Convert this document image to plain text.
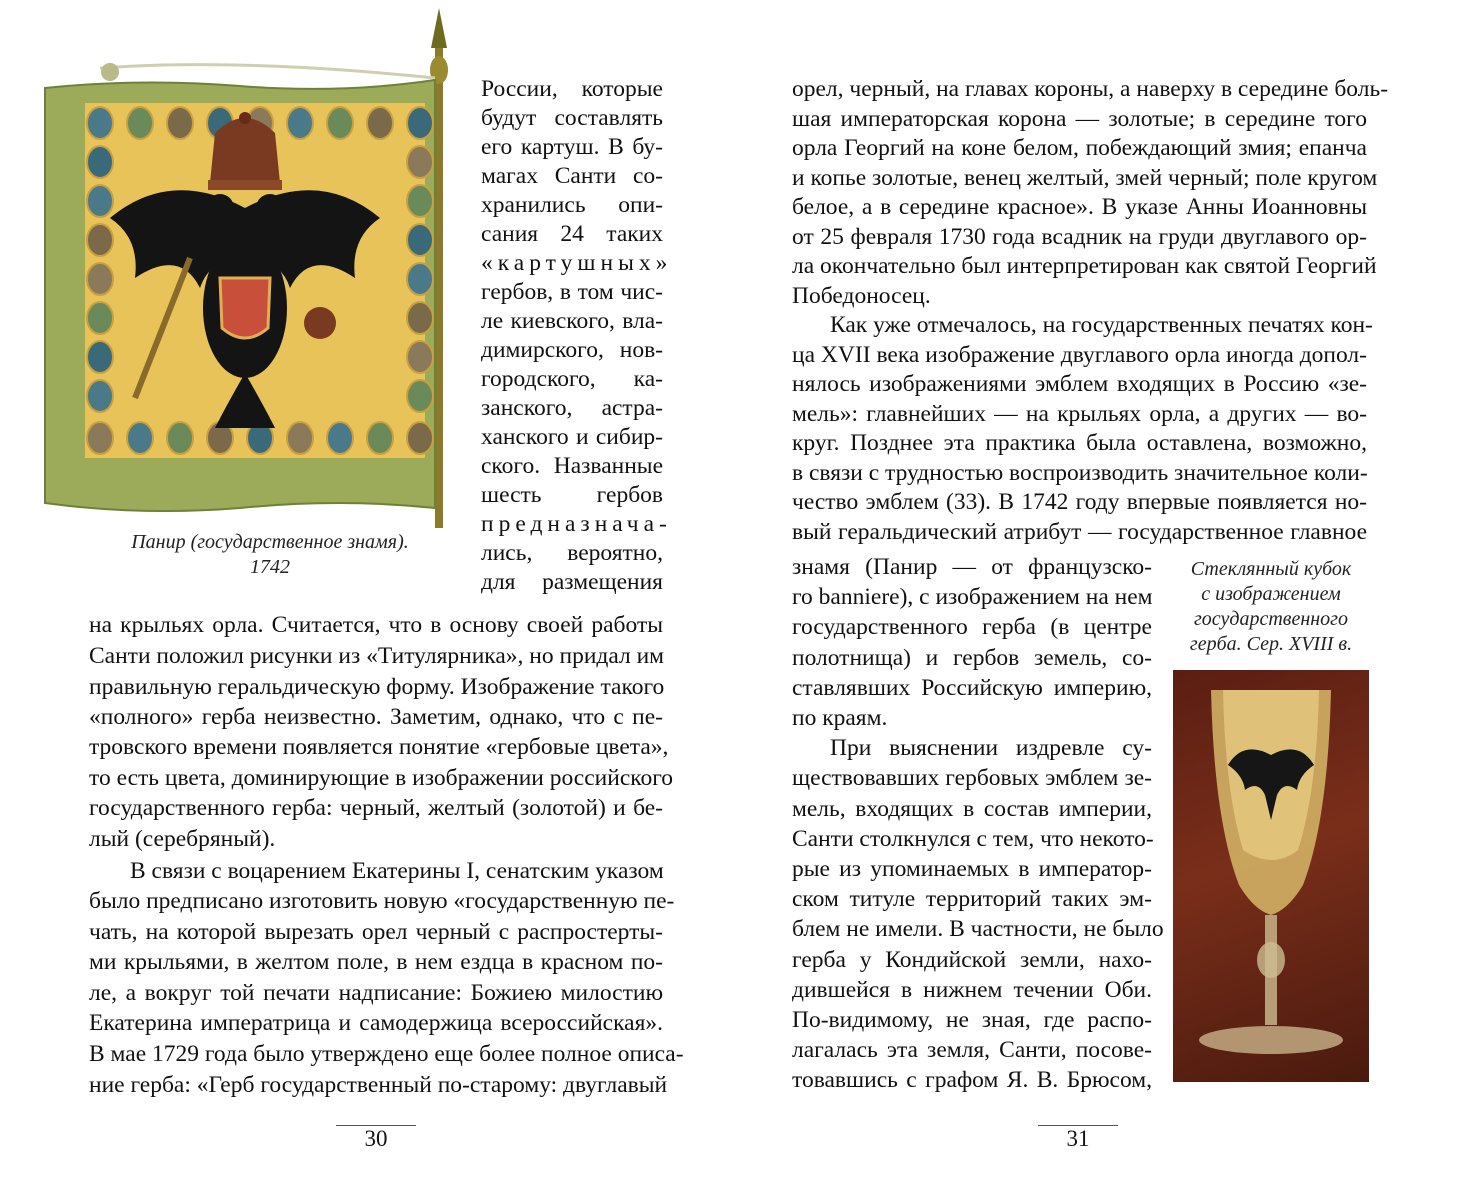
Панир (государственное знамя).
1742
России, которые
будут составлять
его картуш. В бу-
магах Санти со-
хранились опи-
сания 24 таких
«картушных»
гербов, в том чис-
ле киевского, вла-
димирского, нов-
городского, ка-
занского, астра-
ханского и сибир-
ского. Названные
шесть гербов
предназнача-
лись, вероятно,
для размещения
на крыльях орла. Считается, что в основу своей работы
Санти положил рисунки из «Титулярника», но придал им
правильную геральдическую форму. Изображение такого
«полного» герба неизвестно. Заметим, однако, что с пе-
тровского времени появляется понятие «гербовые цвета»,
то есть цвета, доминирующие в изображении российского
государственного герба: черный, желтый (золотой) и бе-
лый (серебряный).
В связи с воцарением Екатерины I, сенатским указом
было предписано изготовить новую «государственную пе-
чать, на которой вырезать орел черный с распростерты-
ми крыльями, в желтом поле, в нем ездца в красном по-
ле, а вокруг той печати надписание: Божиею милостию
Екатерина императрица и самодержица всероссийская».
В мае 1729 года было утверждено еще более полное описа-
ние герба: «Герб государственный по-старому: двуглавый
30
Стеклянный кубок
с изображением
государственного
герба. Сер. XVIII в.
орел, черный, на главах короны, а наверху в середине боль-
шая императорская корона — золотые; в середине того
орла Георгий на коне белом, побеждающий змия; епанча
и копье золотые, венец желтый, змей черный; поле кругом
белое, а в середине красное». В указе Анны Иоанновны
от 25 февраля 1730 года всадник на груди двуглавого ор-
ла окончательно был интерпретирован как святой Георгий
Победоносец.
Как уже отмечалось, на государственных печатях кон-
ца XVII века изображение двуглавого орла иногда допол-
нялось изображениями эмблем входящих в Россию «зе-
мель»: главнейших — на крыльях орла, а других — во-
круг. Позднее эта практика была оставлена, возможно,
в связи с трудностью воспроизводить значительное коли-
чество эмблем (33). В 1742 году впервые появляется но-
вый геральдический атрибут — государственное главное
знамя (Панир — от французско-
го banniere), с изображением на нем
государственного герба (в центре
полотнища) и гербов земель, со-
ставлявших Российскую империю,
по краям.
При выяснении издревле су-
ществовавших гербовых эмблем зе-
мель, входящих в состав империи,
Санти столкнулся с тем, что некото-
рые из упоминаемых в император-
ском титуле территорий таких эм-
блем не имели. В частности, не было
герба у Кондийской земли, нахо-
дившейся в нижнем течении Оби.
По-видимому, не зная, где распо-
лагалась эта земля, Санти, посове-
товавшись с графом Я. В. Брюсом,
31
